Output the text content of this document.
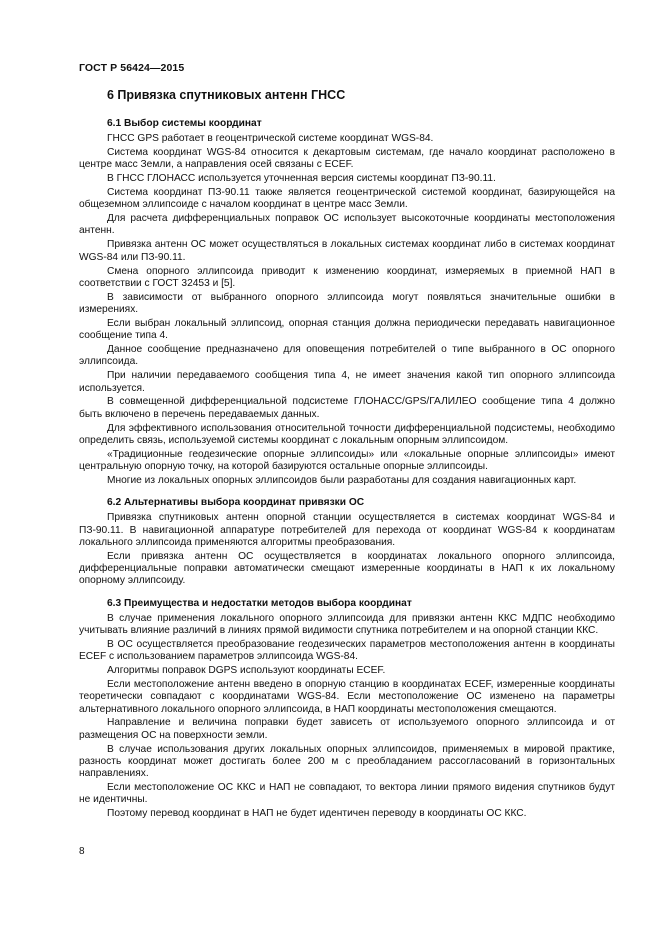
ГОСТ Р 56424—2015
6 Привязка спутниковых антенн ГНСС
6.1 Выбор системы координат

ГНСС GPS работает в геоцентрической системе координат WGS-84.

Система координат WGS-84 относится к декартовым системам, где начало координат расположено в центре масс Земли, а направления осей связаны с ECEF.

В ГНСС ГЛОНАСС используется уточненная версия системы координат ПЗ-90.11.

Система координат ПЗ-90.11 также является геоцентрической системой координат, базирующейся на общеземном эллипсоиде с началом координат в центре масс Земли.

Для расчета дифференциальных поправок ОС использует высокоточные координаты местоположения антенн.

Привязка антенн ОС может осуществляться в локальных системах координат либо в системах координат WGS-84 или ПЗ-90.11.

Смена опорного эллипсоида приводит к изменению координат, измеряемых в приемной НАП в соответствии с ГОСТ 32453 и [5].

В зависимости от выбранного опорного эллипсоида могут появляться значительные ошибки в измерениях.

Если выбран локальный эллипсоид, опорная станция должна периодически передавать навигационное сообщение типа 4.

Данное сообщение предназначено для оповещения потребителей о типе выбранного в ОС опорного эллипсоида.

При наличии передаваемого сообщения типа 4, не имеет значения какой тип опорного эллипсоида используется.

В совмещенной дифференциальной подсистеме ГЛОНАСС/GPS/ГАЛИЛЕО сообщение типа 4 должно быть включено в перечень передаваемых данных.

Для эффективного использования относительной точности дифференциальной подсистемы, необходимо определить связь, используемой системы координат с локальным опорным эллипсоидом.

«Традиционные геодезические опорные эллипсоиды» или «локальные опорные эллипсоиды» имеют центральную опорную точку, на которой базируются остальные опорные эллипсоиды.

Многие из локальных опорных эллипсоидов были разработаны для создания навигационных карт.

6.2 Альтернативы выбора координат привязки ОС

Привязка спутниковых антенн опорной станции осуществляется в системах координат WGS-84 и ПЗ-90.11. В навигационной аппаратуре потребителей для перехода от координат WGS-84 к координатам локального эллипсоида применяются алгоритмы преобразования.

Если привязка антенн ОС осуществляется в координатах локального опорного эллипсоида, дифференциальные поправки автоматически смещают измеренные координаты в НАП к их локальному опорному эллипсоиду.

6.3 Преимущества и недостатки методов выбора координат

В случае применения локального опорного эллипсоида для привязки антенн ККС МДПС необходимо учитывать влияние различий в линиях прямой видимости спутника потребителем и на опорной станции ККС.

В ОС осуществляется преобразование геодезических параметров местоположения антенн в координаты ECEF с использованием параметров эллипсоида WGS-84.

Алгоритмы поправок DGPS используют координаты ECEF.

Если местоположение антенн введено в опорную станцию в координатах ECEF, измеренные координаты теоретически совпадают с координатами WGS-84. Если местоположение ОС изменено на параметры альтернативного локального опорного эллипсоида, в НАП координаты местоположения смещаются.

Направление и величина поправки будет зависеть от используемого опорного эллипсоида и от размещения ОС на поверхности земли.

В случае использования других локальных опорных эллипсоидов, применяемых в мировой практике, разность координат может достигать более 200 м с преобладанием рассогласований в горизонтальных направлениях.

Если местоположение ОС ККС и НАП не совпадают, то вектора линии прямого видения спутников будут не идентичны.

Поэтому перевод координат в НАП не будет идентичен переводу в координаты ОС ККС.

8
